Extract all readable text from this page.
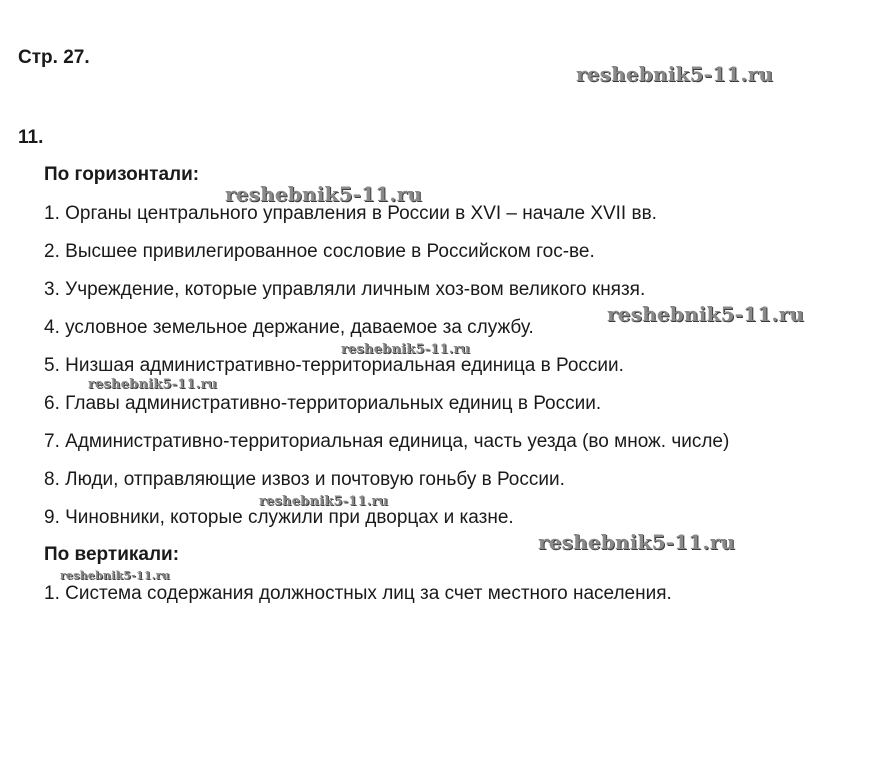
Стр. 27.
11.
По горизонтали:
1. Органы центрального управления в России в XVI – начале XVII вв.
2. Высшее привилегированное сословие в Российском гос-ве.
3. Учреждение, которые управляли личным хоз-вом великого князя.
4. условное земельное держание, даваемое за службу.
5. Низшая административно-территориальная единица в России.
6. Главы административно-территориальных единиц в России.
7. Административно-территориальная единица, часть уезда (во множ. числе)
8. Люди, отправляющие извоз и почтовую гоньбу в России.
9. Чиновники, которые служили при дворцах и казне.
По вертикали:
1. Система содержания должностных лиц за счет местного населения.
reshebnik5-11.ru
reshebnik5-11.ru
reshebnik5-11.ru
reshebnik5-11.ru
reshebnik5-11.ru
reshebnik5-11.ru
reshebnik5-11.ru
reshebnik5-11.ru
